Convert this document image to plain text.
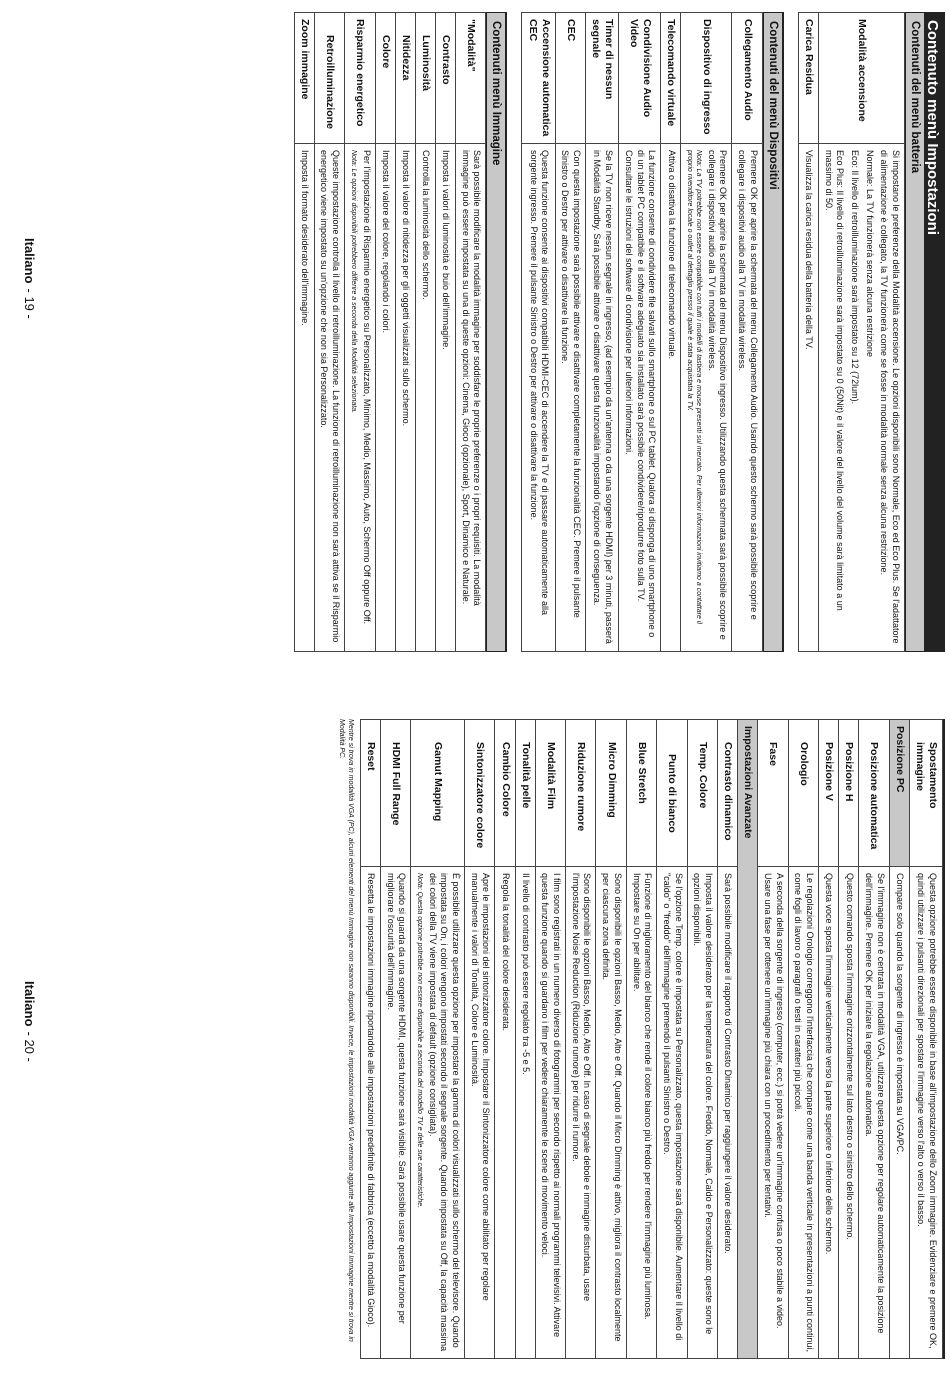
Contenuto menù Impostazioni
Contenuti del menù batteria
Modalità accensione	Si impostano le preferenze della Modalità accensione. Le opzioni disponibili sono Normale, Eco ed Eco Plus. Se l'adattatore di alimentazione è collegato, la TV funzionerà come se fosse in modalità normale senza alcuna restrizione.

Normale: La TV funzionerà senza alcuna restrizione

Eco: Il livello di retroilluminazione sarà impostato su 12 (72lum).

Eco Plus: Il livello di retroilluminazione sarà impostato su 0 (50Nit) e il valore del livello del volume sarà limitato a un massimo di 50.

Carica Residua	Visualizza la carica residua della batteria della TV.
Contenuti del menù Dispositivi
Collegamento Audio	Premere OK per aprire la schermata del menu Collegamento Audio. Usando questo schermo sarà possibile scoprire e collegare i dispositivi audio alla TV in modalità wireless.
Dispositivo di ingresso	Premere OK per aprire la schermata del menu Dispositivo ingresso. Utilizzando questa schermata sarà possibile scoprire e collegare i dispositivi audio alla TV in modalità wireless.

Nota: La TV potrebbe non essere compatibile con tutti i modelli di tastiera e mouse presenti sul mercato. Per ulteriori informazioni invitiamo a contattare il proprio rivenditore locale o outlet al dettaglio presso il quale è stata acquistata la TV.

Telecomando virtuale	Attiva o disattiva la funzione di telecomando virtuale.
Condivisione Audio Video	La funzione consente di condividere file salvati sullo smartphone o sul PC tablet. Qualora si disponga di uno smartphone o di un tablet PC compatibile e il software adeguato sia installato sarà possibile condividere/riprodurre foto sulla TV. Consultare le istruzioni del software di condivisione per ulteriori informazioni.
Timer di nessun segnale	Se la TV non riceve nessun segnale in ingresso, (ad esempio da un'antenna o da una sorgente HDMI) per 3 minuti, passerà in Modalità Standby. Sarà possibile attivare o disattivare questa funzionalità impostando l'opzione di conseguenza.
CEC	Con questa impostazione sarà possibile attivare e disattivare completamente la funzionalità CEC. Premere il pulsante Sinistro o Destro per attivare o disattivare la funzione.
Accensione automatica CEC	Questa funzione consente ai dispositivi compatibili HDMI-CEC di accendere la TV e di passare automaticamente alla sorgente ingresso. Premere il pulsante Sinistro o Destro per attivare o disattivare la funzione.
Contenuti menù Immagine
"Modalità"	Sarà possibile modificare la modalità immagine per soddisfare le proprie preferenze o i propri requisiti. La modalità immagine può essere impostata su una di queste opzioni: Cinema, Gioco (opzionale), Sport, Dinamico e Naturale.
Contrasto	Imposta i valori di luminosità e buio dell'immagine.
Luminosità	Controlla la luminosità dello schermo.
Nitidezza	Imposta il valore di nitidezza per gli oggetti visualizzati sullo schermo.
Colore	Imposta il valore del colore, regolando i colori.
Risparmio energetico	Per l'impostazione di Risparmio energetico su Personalizzato, Minimo, Medio, Massimo, Auto, Schermo Off oppure Off.

Nota: Le opzioni disponibili potrebbero differire a seconda della Modalità selezionata.

Retroilluminazione	Queste impostazione controlla il livello di retroilluminazione. La funzione di retroilluminazione non sarà attiva se il Risparmio energetico viene impostato su un'opzione che non sia Personalizzato.
Zoom immagine	Imposta il formato desiderato dell'immagine.
Italiano- 19 -
Spostamento immagine	Questa opzione potrebbe essere disponibile in base all'impostazione dello Zoom immagine. Evidenziare e premere OK, quindi utilizzare i pulsanti direzionali per spostare l'immagine verso l'alto o verso il basso.
Posizione PC	Compare solo quando la sorgente di ingresso è impostata su VGA/PC.
Posizione automatica	Se l'immagine non è centrata in modalità VGA, utilizzare questa opzione per regolare automaticamente la posizione dell'immagine. Premere OK per iniziare la regolazione automatica.
Posizione H	Questo comando sposta l'immagine orizzontalmente sul lato destro o sinistro dello schermo.
Posizione V	Questa voce sposta l'immagine verticalmente verso la parte superiore o inferiore dello schermo.
Orologio	Le regolazioni Orologio correggono l'interfaccia che compare come una banda verticale in presentazioni a punti continui, come fogli di lavoro o paragrafi o testi in caratteri più piccoli.
Fase	A seconda della sorgente di ingresso (computer, ecc.) si potrà vedere un'immagine confusa o poco stabile a video. Usare una fase per ottenere un'immagine più chiara con un procedimento per tentativi.
Impostazioni Avanzate	
Contrasto dinamico	Sarà possibile modificare il rapporto di Contrasto Dinamico per raggiungere il valore desiderato.
Temp. Colore	Imposta il valore desiderato per la temperatura del colore. Freddo, Normale, Caldo e Personalizzato: queste sono le opzioni disponibili.
Punto di bianco	Se l'opzione Temp. colore è impostata su Personalizzato, questa impostazione sarà disponibile. Aumentare il livello di "caldo" o "freddo" dell'immagine premendo il pulsanti Sinistro o Destro.
Blue Stretch	Funzione di miglioramento del bianco che rende il colore bianco più freddo per rendere l'immagine più luminosa. Impostare su On per abilitare.
Micro Dimming	Sono disponibili le opzioni Basso, Medio, Alto e Off. Quando il Micro Dimming è attivo, migliora il contrasto localmente per ciascuna zona definita.
Riduzione rumore	Sono disponibili le opzioni Basso, Medio, Alto e Off. In caso di segnale debole e immagine disturbata, usare l'impostazione Noise Reduction (Riduzione rumore) per ridurre il rumore.
Modalità Film	I film sono registrati in un numero diverso di fotogrammi per secondo rispetto ai normali programmi televisivi. Attivare questa funzione quando si guardano i film per vedere chiaramente le scene di movimento veloci.
Tonalità pelle	Il livello di contrasto può essere regolato tra -5 e 5.
Cambio Colore	Regola la tonalità del colore desiderata.
Sintonizzatore colore	Apre le impostazioni del sintonizzatore colore. Impostare il Sintonizzatore colore come abilitato per regolare manualmente i valori di Tonalità, Colore e Luminosità.
Gamut Mapping	È possibile utilizzare questa opzione per impostare la gamma di colori visualizzati sullo schermo del televisore. Quando impostata su On, i colori vengono impostati secondo il segnale sorgente. Quando impostata su Off, la capacità massima dei colori della TV viene impostata di default (opzione consigliata).

Nota: Questa opzione potrebbe non essere disponibile a seconda del modello TV e delle sue caratteristiche.

HDMI Full Range	Quando si guarda da una sorgente HDMI, questa funzione sarà visibile. Sarà possibile usare questa funzione per migliorare l'oscurità dell'immagine.
Reset	Resetta le impostazioni immagine riportandole alle impostazioni predefinite di fabbrica (eccetto la modalità Gioco).
Mentre si trova in modalità VGA (PC), alcuni elementi del menù Immagine non saranno disponibili. Invece, le impostazioni modalità VGA verranno aggiunte alle Impostazioni Immagine mentre si trova in Modalità PC.
Italiano- 20 -
